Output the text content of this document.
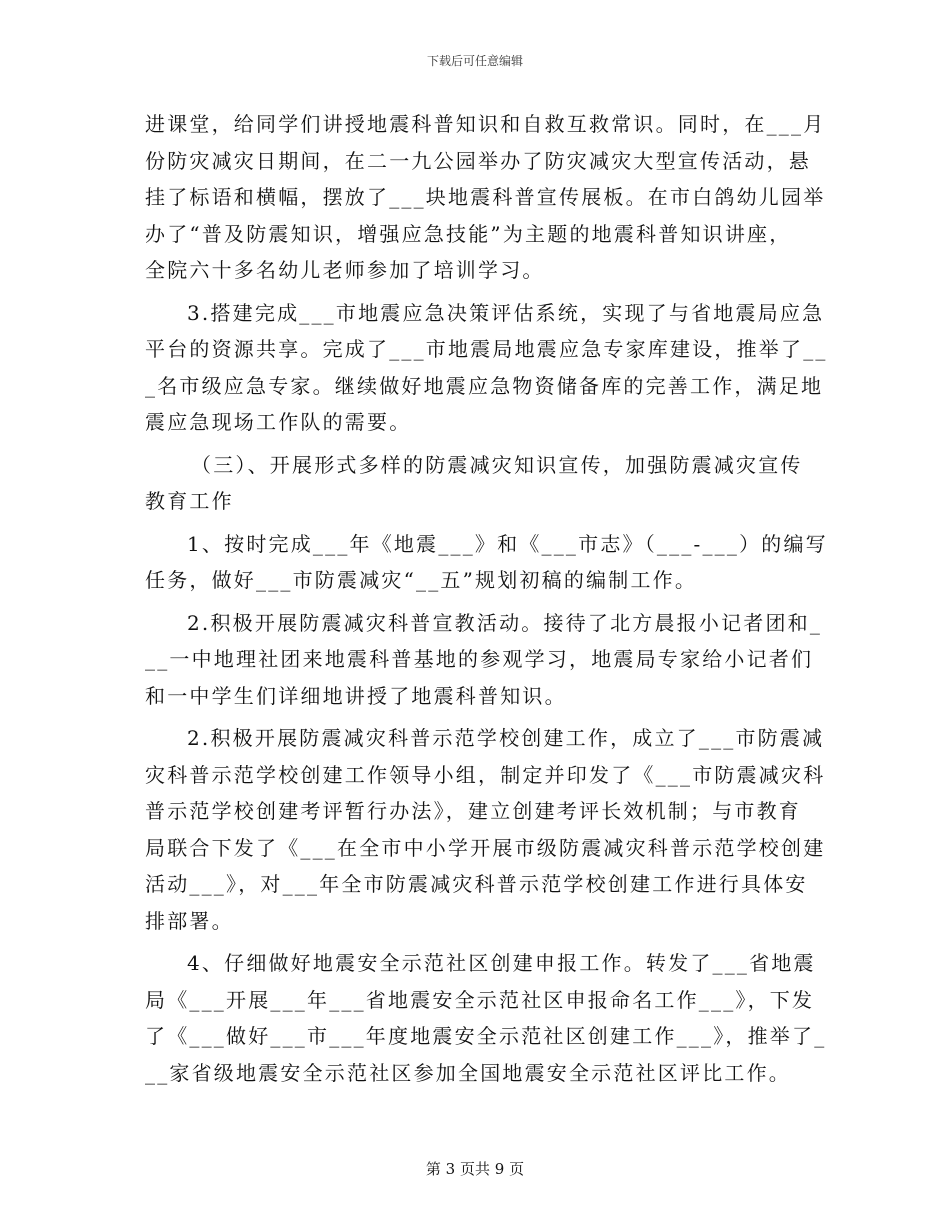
下载后可任意编辑
进课堂，给同学们讲授地震科普知识和自救互救常识。同时，在___月
份防灾减灾日期间，在二一九公园举办了防灾减灾大型宣传活动，悬
挂了标语和横幅，摆放了___块地震科普宣传展板。在市白鸽幼儿园举
办了“普及防震知识，增强应急技能”为主题的地震科普知识讲座，
全院六十多名幼儿老师参加了培训学习。
3.搭建完成___市地震应急决策评估系统，实现了与省地震局应急
平台的资源共享。完成了___市地震局地震应急专家库建设，推举了__
_名市级应急专家。继续做好地震应急物资储备库的完善工作，满足地
震应急现场工作队的需要。
（三）、开展形式多样的防震减灾知识宣传，加强防震减灾宣传
教育工作
1、按时完成___年《地震___》和《___市志》（___-___）的编写
任务，做好___市防震减灾“__五”规划初稿的编制工作。
2.积极开展防震减灾科普宣教活动。接待了北方晨报小记者团和_
__一中地理社团来地震科普基地的参观学习，地震局专家给小记者们
和一中学生们详细地讲授了地震科普知识。
2.积极开展防震减灾科普示范学校创建工作，成立了___市防震减
灾科普示范学校创建工作领导小组，制定并印发了《___市防震减灾科
普示范学校创建考评暂行办法》，建立创建考评长效机制；与市教育
局联合下发了《___在全市中小学开展市级防震减灾科普示范学校创建
活动___》，对___年全市防震减灾科普示范学校创建工作进行具体安
排部署。
4、仔细做好地震安全示范社区创建申报工作。转发了___省地震
局《___开展___年___省地震安全示范社区申报命名工作___》，下发
了《___做好___市___年度地震安全示范社区创建工作___》，推举了_
__家省级地震安全示范社区参加全国地震安全示范社区评比工作。
第 3 页共 9 页
